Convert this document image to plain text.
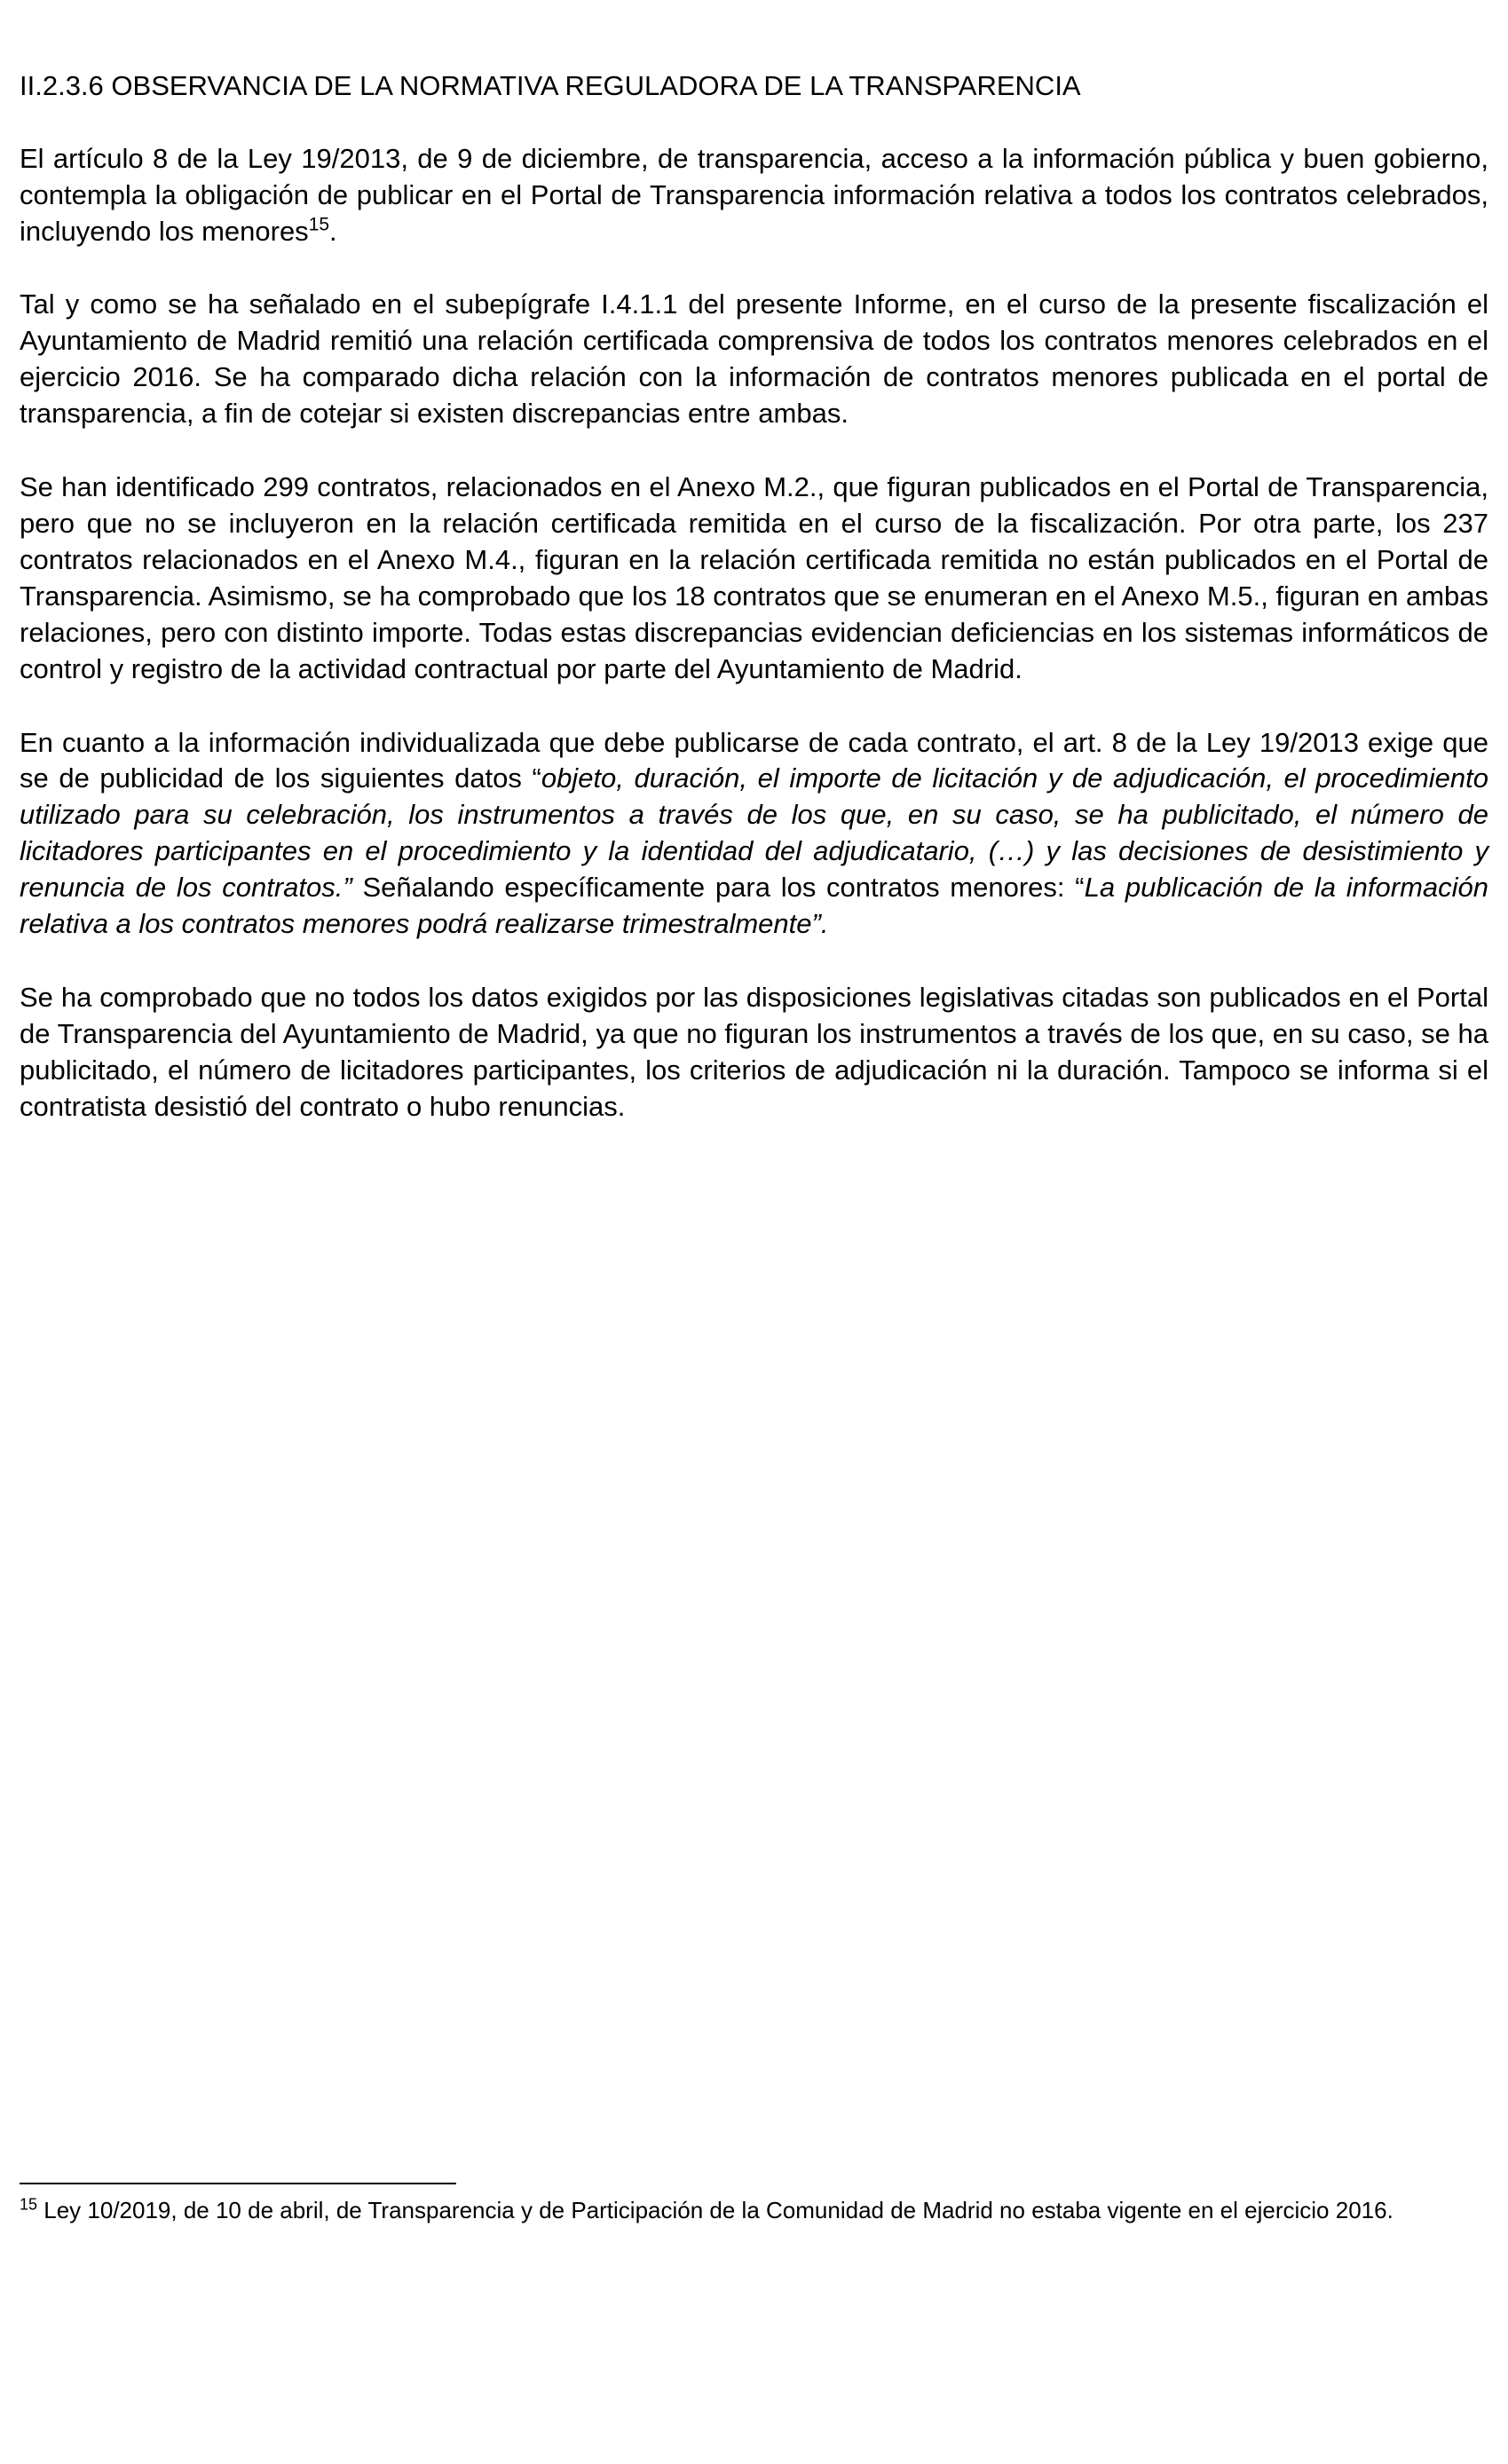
II.2.3.6 OBSERVANCIA DE LA NORMATIVA REGULADORA DE LA TRANSPARENCIA

El artículo 8 de la Ley 19/2013, de 9 de diciembre, de transparencia, acceso a la información pública y buen gobierno, contempla la obligación de publicar en el Portal de Transparencia información relativa a todos los contratos celebrados, incluyendo los menores$^{15}$.

Tal y como se ha señalado en el subepígrafe I.4.1.1 del presente Informe, en el curso de la presente fiscalización el Ayuntamiento de Madrid remitió una relación certificada comprensiva de todos los contratos menores celebrados en el ejercicio 2016. Se ha comparado dicha relación con la información de contratos menores publicada en el portal de transparencia, a fin de cotejar si existen discrepancias entre ambas.

Se han identificado 299 contratos, relacionados en el Anexo M.2., que figuran publicados en el Portal de Transparencia, pero que no se incluyeron en la relación certificada remitida en el curso de la fiscalización. Por otra parte, los 237 contratos relacionados en el Anexo M.4., figuran en la relación certificada remitida no están publicados en el Portal de Transparencia. Asimismo, se ha comprobado que los 18 contratos que se enumeran en el Anexo M.5., figuran en ambas relaciones, pero con distinto importe. Todas estas discrepancias evidencian deficiencias en los sistemas informáticos de control y registro de la actividad contractual por parte del Ayuntamiento de Madrid.

En cuanto a la información individualizada que debe publicarse de cada contrato, el art. 8 de la Ley 19/2013 exige que se de publicidad de los siguientes datos “objeto, duración, el importe de licitación y de adjudicación, el procedimiento utilizado para su celebración, los instrumentos a través de los que, en su caso, se ha publicitado, el número de licitadores participantes en el procedimiento y la identidad del adjudicatario, (…) y las decisiones de desistimiento y renuncia de los contratos.” Señalando específicamente para los contratos menores: “La publicación de la información relativa a los contratos menores podrá realizarse trimestralmente”.

Se ha comprobado que no todos los datos exigidos por las disposiciones legislativas citadas son publicados en el Portal de Transparencia del Ayuntamiento de Madrid, ya que no figuran los instrumentos a través de los que, en su caso, se ha publicitado, el número de licitadores participantes, los criterios de adjudicación ni la duración. Tampoco se informa si el contratista desistió del contrato o hubo renuncias.

$^{15}$ Ley 10/2019, de 10 de abril, de Transparencia y de Participación de la Comunidad de Madrid no estaba vigente en el ejercicio 2016.
